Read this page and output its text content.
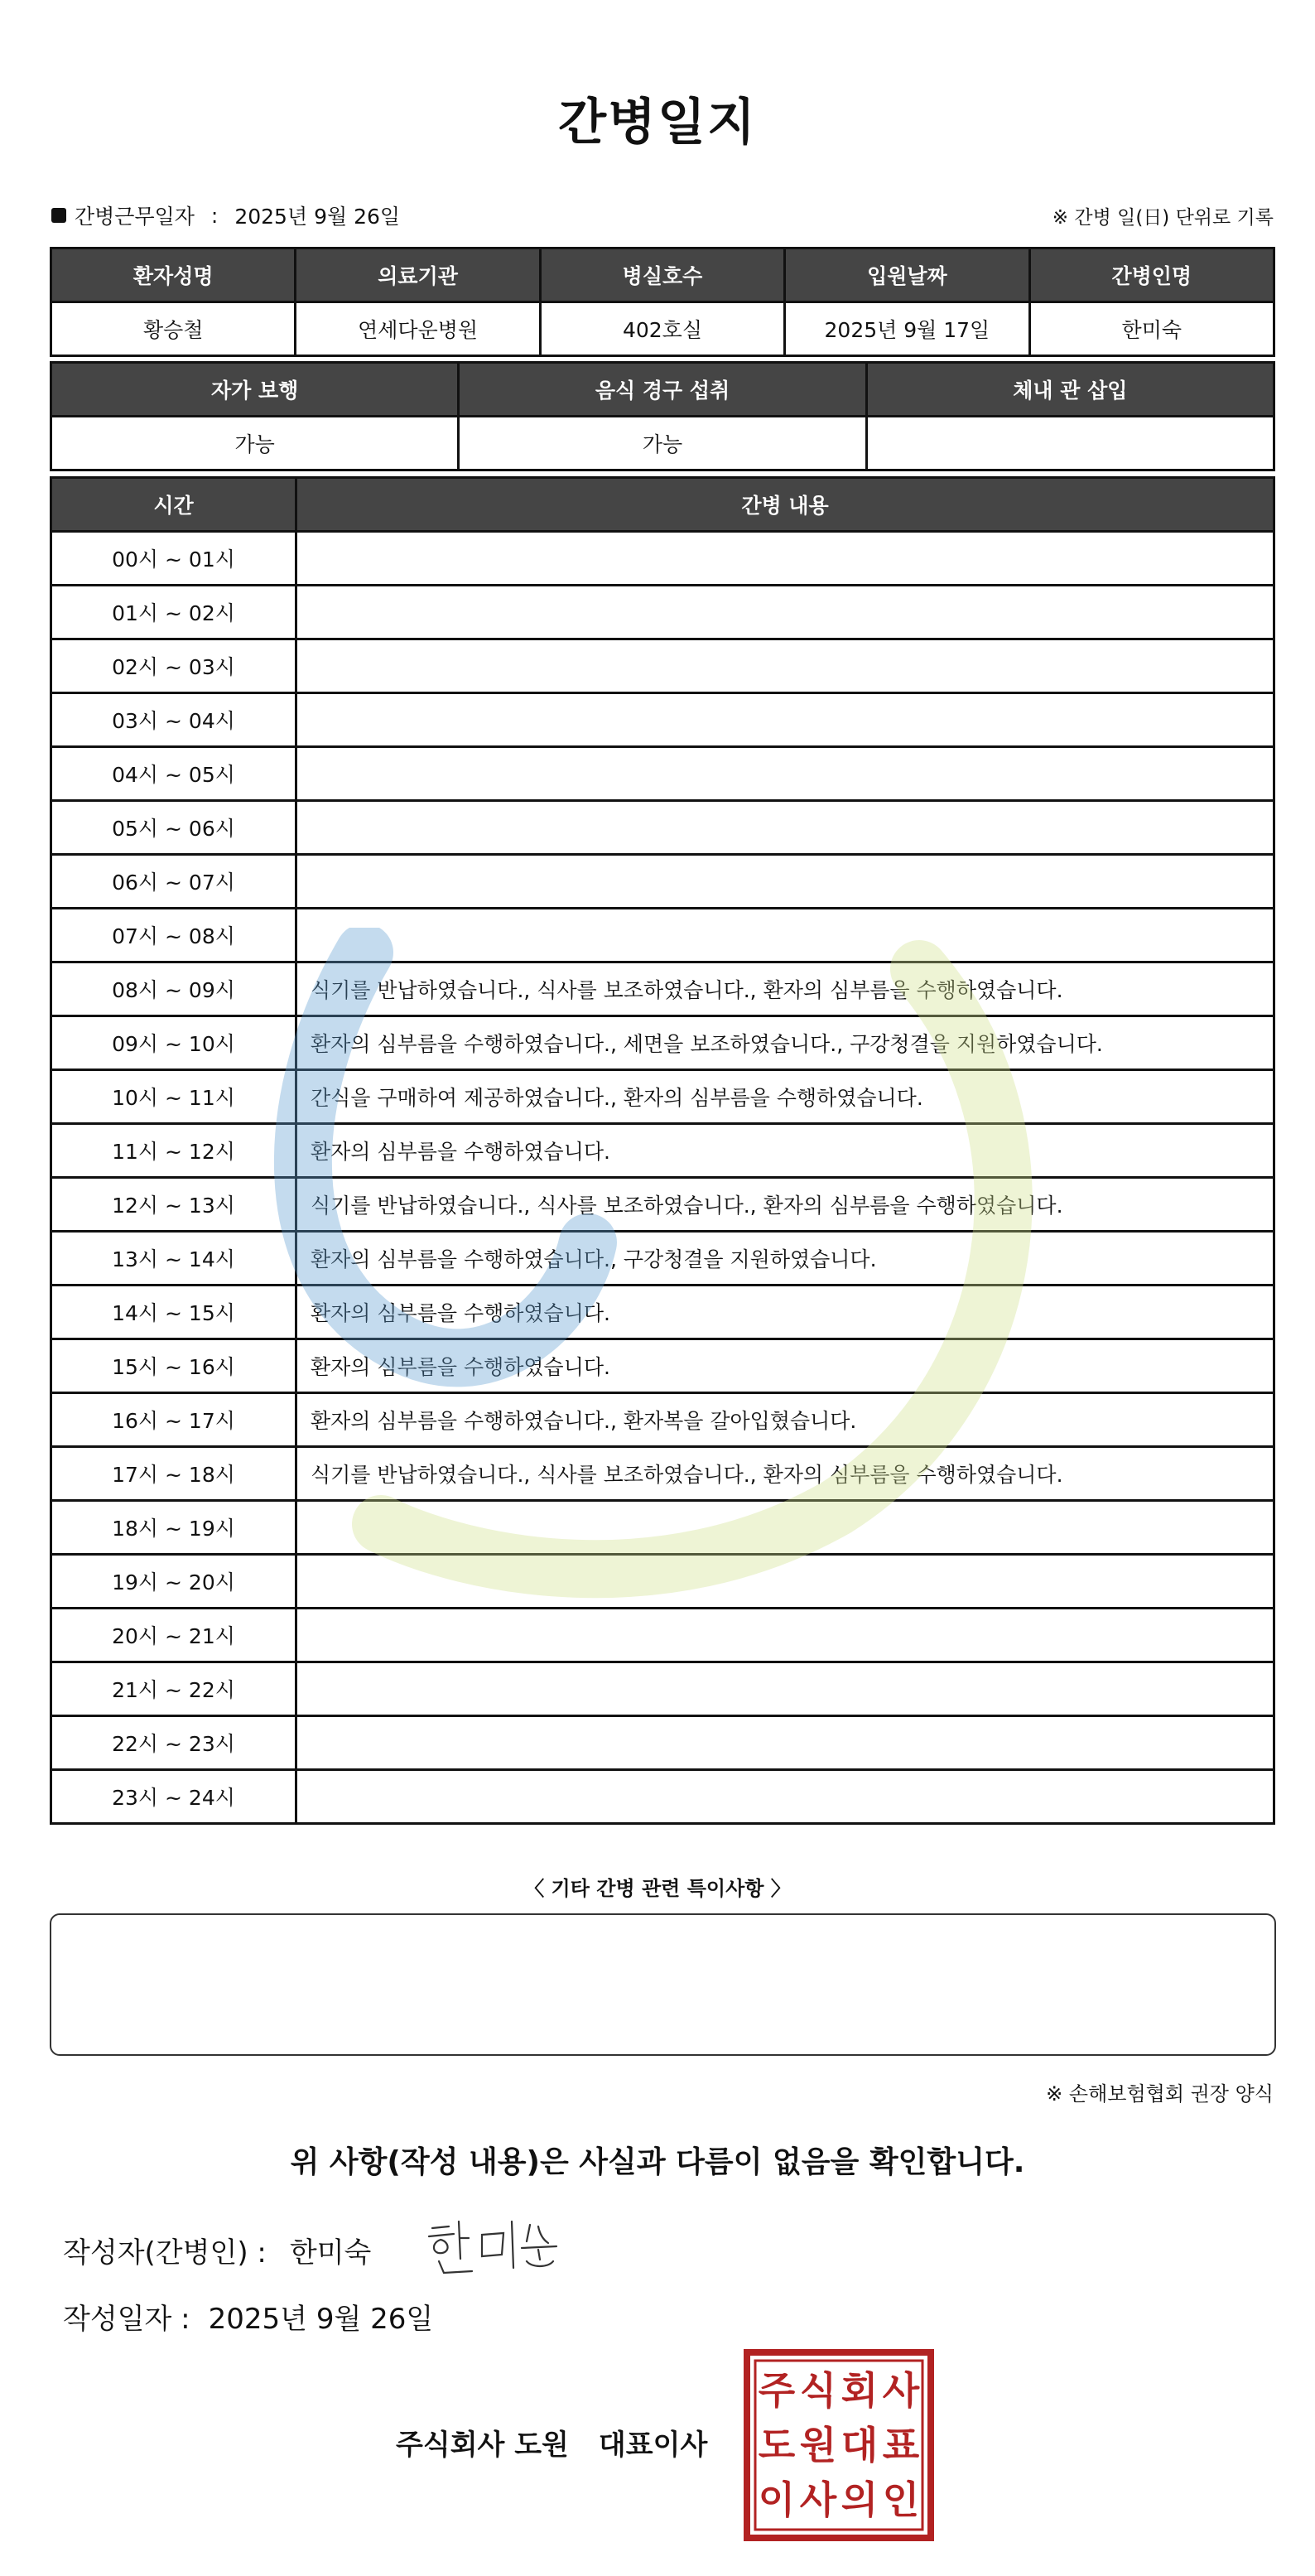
간병일지
간병근무일자 : 2025년 9월 26일	※ 간병 일(日) 단위로 기록
환자성명	의료기관	병실호수	입원날짜	간병인명
황승철	연세다운병원	402호실	2025년 9월 17일	한미숙
자가 보행	음식 경구 섭취	체내 관 삽입
가능	가능	
시간	간병 내용
00시 ~ 01시	
01시 ~ 02시	
02시 ~ 03시	
03시 ~ 04시	
04시 ~ 05시	
05시 ~ 06시	
06시 ~ 07시	
07시 ~ 08시	
08시 ~ 09시	식기를 반납하였습니다., 식사를 보조하였습니다., 환자의 심부름을 수행하였습니다.
09시 ~ 10시	환자의 심부름을 수행하였습니다., 세면을 보조하였습니다., 구강청결을 지원하였습니다.
10시 ~ 11시	간식을 구매하여 제공하였습니다., 환자의 심부름을 수행하였습니다.
11시 ~ 12시	환자의 심부름을 수행하였습니다.
12시 ~ 13시	식기를 반납하였습니다., 식사를 보조하였습니다., 환자의 심부름을 수행하였습니다.
13시 ~ 14시	환자의 심부름을 수행하였습니다., 구강청결을 지원하였습니다.
14시 ~ 15시	환자의 심부름을 수행하였습니다.
15시 ~ 16시	환자의 심부름을 수행하였습니다.
16시 ~ 17시	환자의 심부름을 수행하였습니다., 환자복을 갈아입혔습니다.
17시 ~ 18시	식기를 반납하였습니다., 식사를 보조하였습니다., 환자의 심부름을 수행하였습니다.
18시 ~ 19시	
19시 ~ 20시	
20시 ~ 21시	
21시 ~ 22시	
22시 ~ 23시	
23시 ~ 24시	
〈 기타 간병 관련 특이사항 〉
※ 손해보험협회 권장 양식
위 사항(작성 내용)은 사실과 다름이 없음을 확인합니다.
작성자(간병인) : 한미숙
작성일자 : 2025년 9월 26일
주식회사 도원 대표이사
주 식 회 사
도 원 대 표
이 사 의 인
